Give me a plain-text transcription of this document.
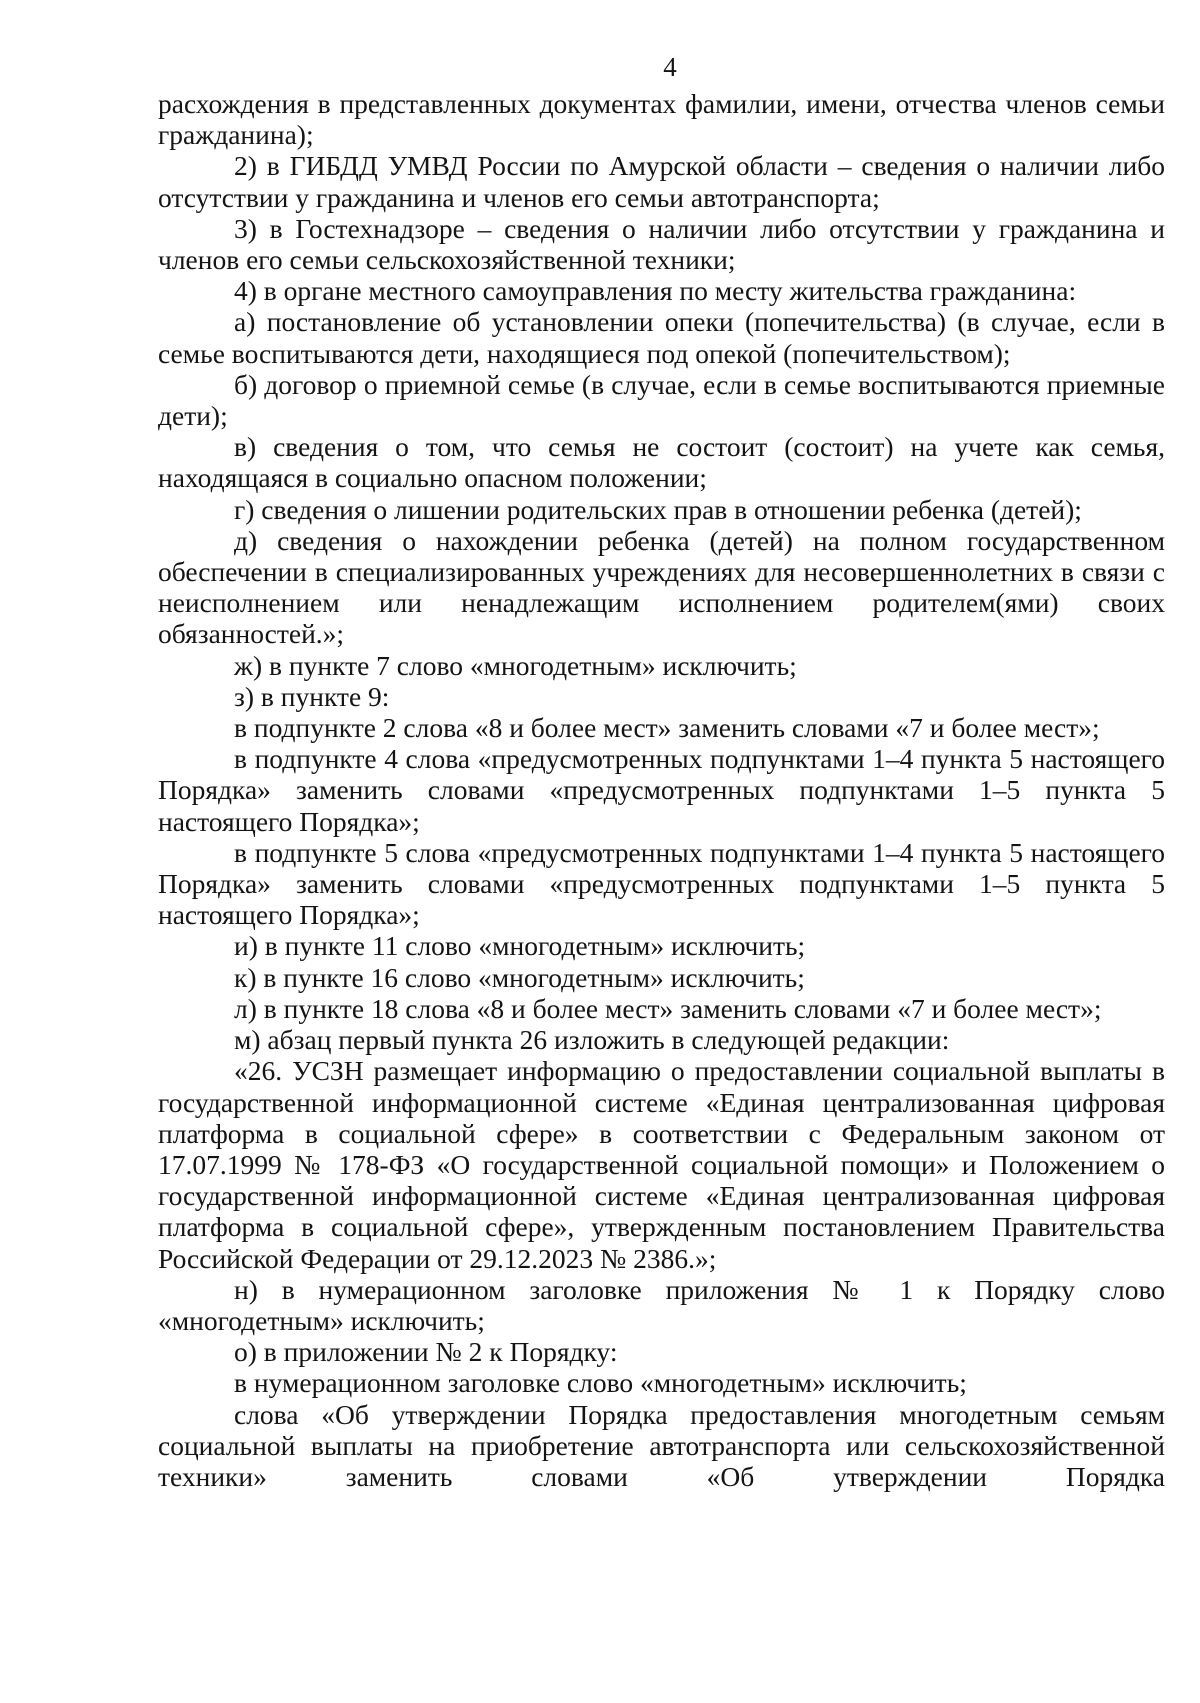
4

расхождения в представленных документах фамилии, имени, отчества членов семьи гражданина);

2) в ГИБДД УМВД России по Амурской области – сведения о наличии либо отсутствии у гражданина и членов его семьи автотранспорта;

3) в Гостехнадзоре – сведения о наличии либо отсутствии у гражданина и членов его семьи сельскохозяйственной техники;

4) в органе местного самоуправления по месту жительства гражданина:

а) постановление об установлении опеки (попечительства) (в случае, если в семье воспитываются дети, находящиеся под опекой (попечительством);

б) договор о приемной семье (в случае, если в семье воспитываются приемные дети);

в) сведения о том, что семья не состоит (состоит) на учете как семья, находящаяся в социально опасном положении;

г) сведения о лишении родительских прав в отношении ребенка (детей);

д) сведения о нахождении ребенка (детей) на полном государственном обеспечении в специализированных учреждениях для несовершеннолетних в связи с неисполнением или ненадлежащим исполнением родителем(ями) своих обязанностей.»;

ж) в пункте 7 слово «многодетным» исключить;

з) в пункте 9:

в подпункте 2 слова «8 и более мест» заменить словами «7 и более мест»;

в подпункте 4 слова «предусмотренных подпунктами 1–4 пункта 5 настоящего Порядка» заменить словами «предусмотренных подпунктами 1–5 пункта 5 настоящего Порядка»;

в подпункте 5 слова «предусмотренных подпунктами 1–4 пункта 5 настоящего Порядка» заменить словами «предусмотренных подпунктами 1–5 пункта 5 настоящего Порядка»;

и) в пункте 11 слово «многодетным» исключить;

к) в пункте 16 слово «многодетным» исключить;

л) в пункте 18 слова «8 и более мест» заменить словами «7 и более мест»;

м) абзац первый пункта 26 изложить в следующей редакции:

«26. УСЗН размещает информацию о предоставлении социальной выплаты в государственной информационной системе «Единая централизованная цифровая платформа в социальной сфере» в соответствии с Федеральным законом от 17.07.1999 № 178-ФЗ «О государственной социальной помощи» и Положением о государственной информационной системе «Единая централизованная цифровая платформа в социальной сфере», утвержденным постановлением Правительства Российской Федерации от 29.12.2023 № 2386.»;

н) в нумерационном заголовке приложения № 1 к Порядку слово «многодетным» исключить;

о) в приложении № 2 к Порядку:

в нумерационном заголовке слово «многодетным» исключить;

слова «Об утверждении Порядка предоставления многодетным семьям социальной выплаты на приобретение автотранспорта или сельскохозяйственной техники» заменить словами «Об утверждении Порядка
